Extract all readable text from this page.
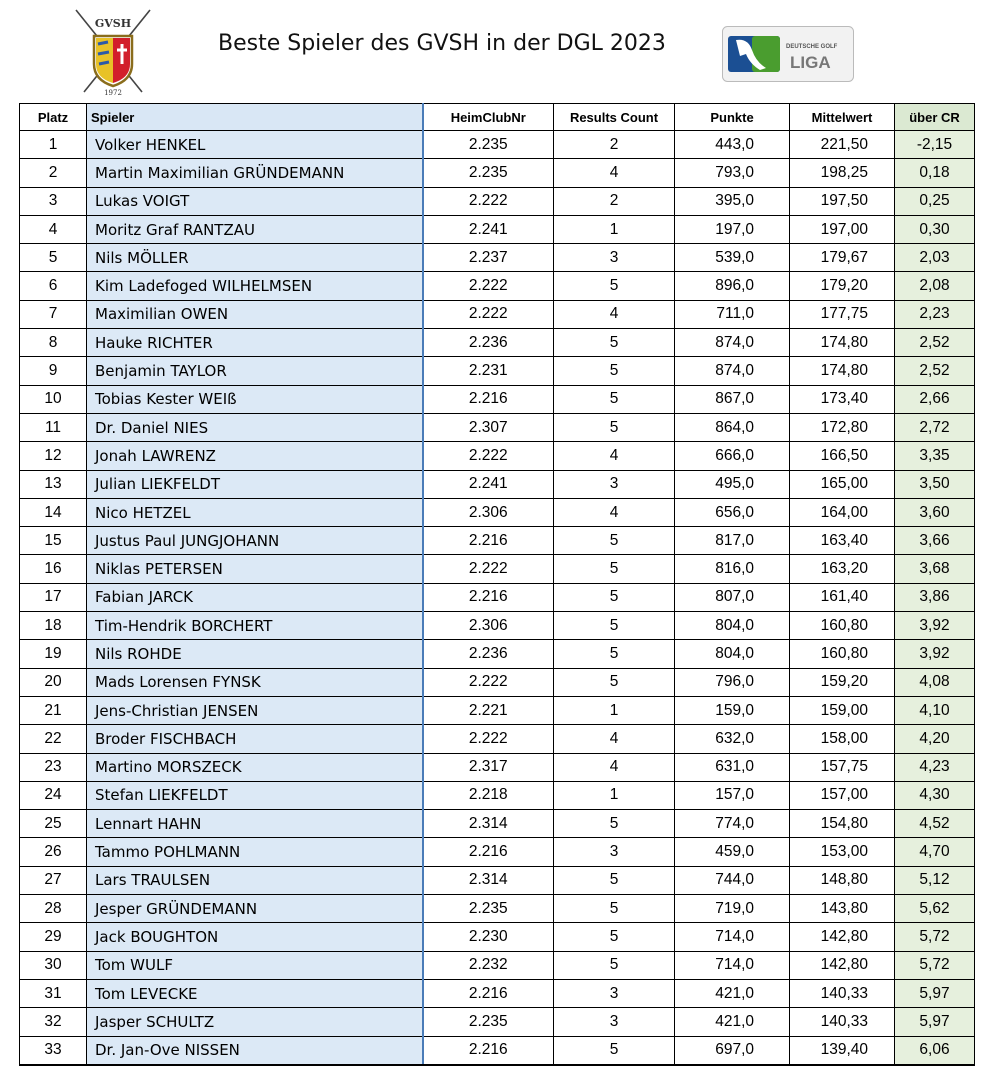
GVSH
1972
Beste Spieler des GVSH in der DGL 2023	DEUTSCHE GOLF
LIGA
Platz	Spieler	HeimClubNr	Results Count	Punkte	Mittelwert	über CR
1	Volker HENKEL	2.235	2	443,0	221,50	-2,15
2	Martin Maximilian GRÜNDEMANN	2.235	4	793,0	198,25	0,18
3	Lukas VOIGT	2.222	2	395,0	197,50	0,25
4	Moritz Graf RANTZAU	2.241	1	197,0	197,00	0,30
5	Nils MÖLLER	2.237	3	539,0	179,67	2,03
6	Kim Ladefoged WILHELMSEN	2.222	5	896,0	179,20	2,08
7	Maximilian OWEN	2.222	4	711,0	177,75	2,23
8	Hauke RICHTER	2.236	5	874,0	174,80	2,52
9	Benjamin TAYLOR	2.231	5	874,0	174,80	2,52
10	Tobias Kester WEIß	2.216	5	867,0	173,40	2,66
11	Dr. Daniel NIES	2.307	5	864,0	172,80	2,72
12	Jonah LAWRENZ	2.222	4	666,0	166,50	3,35
13	Julian LIEKFELDT	2.241	3	495,0	165,00	3,50
14	Nico HETZEL	2.306	4	656,0	164,00	3,60
15	Justus Paul JUNGJOHANN	2.216	5	817,0	163,40	3,66
16	Niklas PETERSEN	2.222	5	816,0	163,20	3,68
17	Fabian JARCK	2.216	5	807,0	161,40	3,86
18	Tim-Hendrik BORCHERT	2.306	5	804,0	160,80	3,92
19	Nils ROHDE	2.236	5	804,0	160,80	3,92
20	Mads Lorensen FYNSK	2.222	5	796,0	159,20	4,08
21	Jens-Christian JENSEN	2.221	1	159,0	159,00	4,10
22	Broder FISCHBACH	2.222	4	632,0	158,00	4,20
23	Martino MORSZECK	2.317	4	631,0	157,75	4,23
24	Stefan LIEKFELDT	2.218	1	157,0	157,00	4,30
25	Lennart HAHN	2.314	5	774,0	154,80	4,52
26	Tammo POHLMANN	2.216	3	459,0	153,00	4,70
27	Lars TRAULSEN	2.314	5	744,0	148,80	5,12
28	Jesper GRÜNDEMANN	2.235	5	719,0	143,80	5,62
29	Jack BOUGHTON	2.230	5	714,0	142,80	5,72
30	Tom WULF	2.232	5	714,0	142,80	5,72
31	Tom LEVECKE	2.216	3	421,0	140,33	5,97
32	Jasper SCHULTZ	2.235	3	421,0	140,33	5,97
33	Dr. Jan-Ove NISSEN	2.216	5	697,0	139,40	6,06
